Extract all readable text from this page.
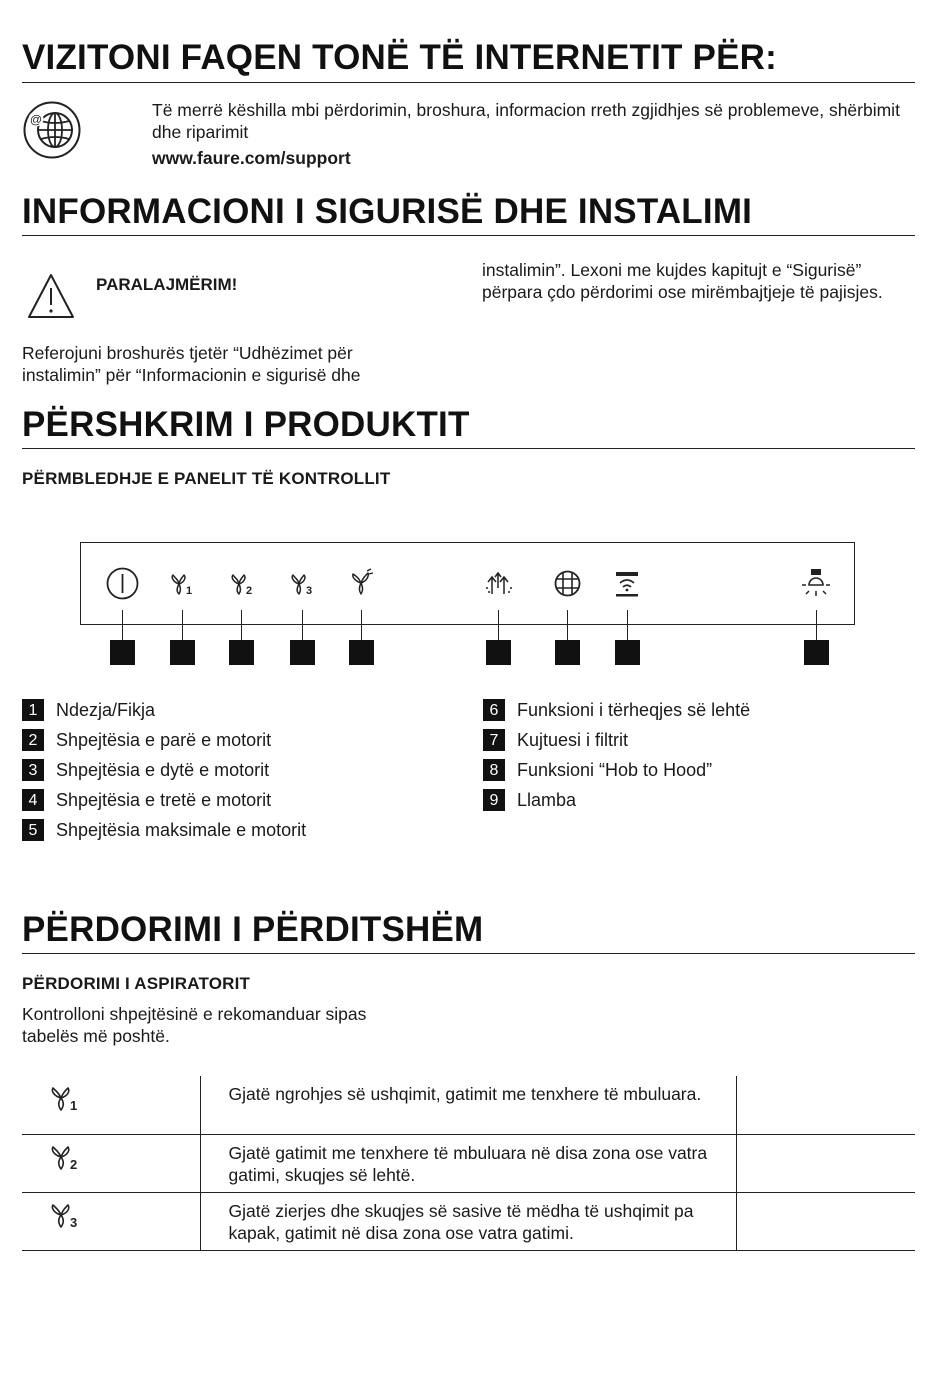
VIZITONI FAQEN TONË TË INTERNETIT PËR:
@	Të merrë këshilla mbi përdorimin, broshura, informacion rreth zgjidhjes së problemeve, shërbimit dhe riparimit
www.faure.com/support
INFORMACIONI I SIGURISË DHE INSTALIMI
PARALAJMËRIM!
Referojuni broshurës tjetër “Udhëzimet për instalimin” për “Informacionin e sigurisë dhe
instalimin”. Lexoni me kujdes kapitujt e “Sigurisë” përpara çdo përdorimi ose mirëmbajtjeje të pajisjes.
PËRSHKRIM I PRODUKTIT
PËRMBLEDHJE E PANELIT TË KONTROLLIT
1	2	3
1	Ndezja/Fikja
2	Shpejtësia e parë e motorit
3	Shpejtësia e dytë e motorit
4	Shpejtësia e tretë e motorit
5	Shpejtësia maksimale e motorit
6	Funksioni i tërheqjes së lehtë
7	Kujtuesi i filtrit
8	Funksioni “Hob to Hood”
9	Llamba
PËRDORIMI I PËRDITSHËM
PËRDORIMI I ASPIRATORIT
Kontrolloni shpejtësinë e rekomanduar sipas tabelës më poshtë.
1	Gjatë ngrohjes së ushqimit, gatimit me tenxhere të mbuluara.	

2	Gjatë gatimit me tenxhere të mbuluara në disa zona ose vatra gatimi, skuqjes së lehtë.	

3	Gjatë zierjes dhe skuqjes së sasive të mëdha të ushqimit pa kapak, gatimit në disa zona ose vatra gatimi.	
